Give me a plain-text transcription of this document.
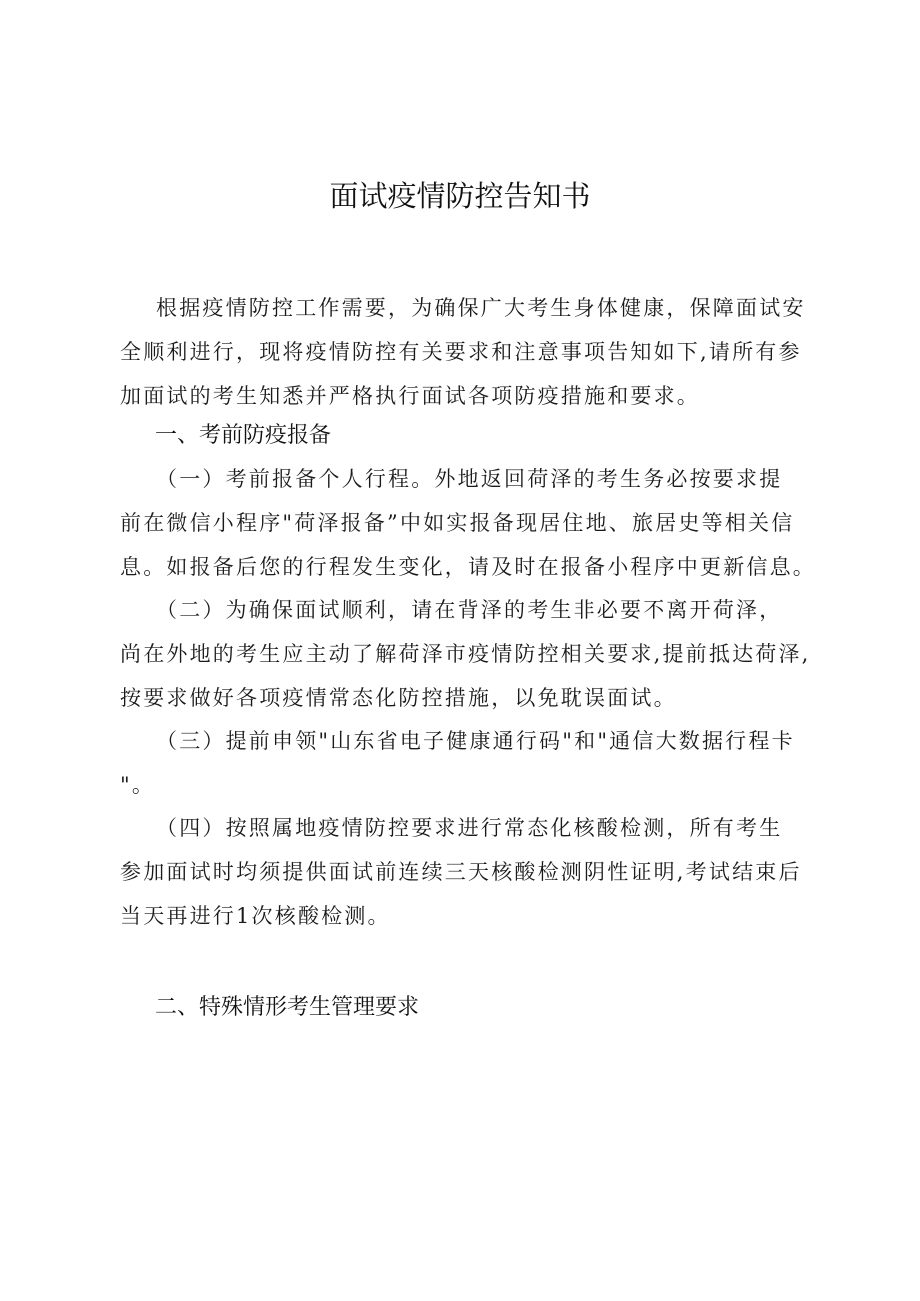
面试疫情防控告知书
根据疫情防控工作需要，为确保广大考生身体健康，保障面试安
全顺利进行，现将疫情防控有关要求和注意事项告知如下,请所有参
加面试的考生知悉并严格执行面试各项防疫措施和要求。
一、考前防疫报备
（一）考前报备个人行程。外地返回荷泽的考生务必按要求提
前在微信小程序"荷泽报备”中如实报备现居住地、旅居史等相关信
息。如报备后您的行程发生变化，请及时在报备小程序中更新信息。
（二）为确保面试顺利，请在背泽的考生非必要不离开荷泽，
尚在外地的考生应主动了解荷泽市疫情防控相关要求,提前抵达荷泽,
按要求做好各项疫情常态化防控措施，以免耽误面试。
（三）提前申领"山东省电子健康通行码"和"通信大数据行程卡
"。
（四）按照属地疫情防控要求进行常态化核酸检测，所有考生
参加面试时均须提供面试前连续三天核酸检测阴性证明,考试结束后
当天再进行1次核酸检测。
二、特殊情形考生管理要求
